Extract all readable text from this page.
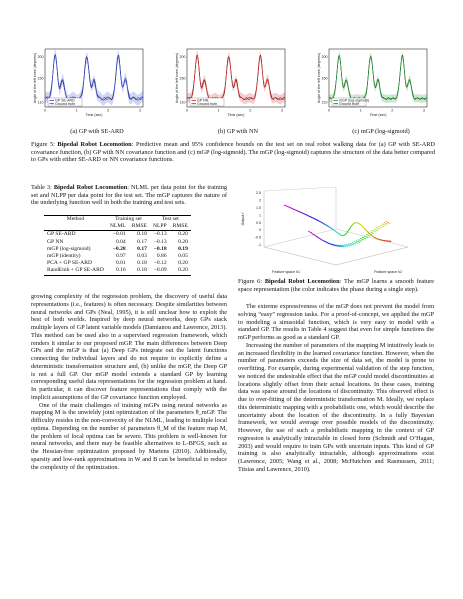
200
150
110
0	1	2	3
Time (sec)
Angle of the left knee (degrees)	GP SE-ARD
Ground truth
200
150
110
0	1	2	3
Time (sec)
Angle of the left knee (degrees)	GP NN
Ground truth
200
150
110
0	1	2	3
Time (sec)
Angle of the left knee (degrees)	mGP (log-sigmoid)
Ground truth
(a) GP with SE-ARD	(b) GP with NN	(c) mGP (log-sigmoid)
Figure 5: Bipedal Robot Locomotion: Predictive mean and 95% confidence bounds on the test set on real robot walking data for (a) GP with SE-ARD covariance function, (b) GP with NN covariance function and (c) mGP (log-sigmoid). The mGP (log-sigmoid) captures the structure of the data better compared to GPs with either SE-ARD or NN covariance functions.
Table 3: Bipedal Robot Locomotion: NLML per data point for the training set and NLPP per data point for the test set. The mGP captures the nature of the underlying function well in both the training and test sets.
Method	Training set		Test set	
	NLML	RMSE	NLPP	RMSE
GP SE-ARD	−0.01	0.18	−0.13	0.20
GP NN	0.04	0.17	−0.13	0.20
mGP (log-sigmoid)	−0.28	0.17	−0.18	0.19
mGP (identity)	0.97	0.03	0.86	0.05
PCA + GP SE-ARD	0.01	0.18	−0.12	0.20
RandEmb + GP SE-ARD	0.16	0.18	−0.09	0.20

growing complexity of the regression problem, the discovery of useful data representations (i.e., features) is often necessary. Despite similarities between neural networks and GPs (Neal, 1995), it is still unclear how to exploit the best of both worlds. Inspired by deep neural networks, deep GPs stack multiple layers of GP latent variable models (Damianou and Lawrence, 2013). This method can be used also in a supervised regression framework, which renders it similar to our proposed mGP. The main differences between Deep GPs and the mGP is that (a) Deep GPs integrate out the latent functions connecting the individual layers and do not require to explicitly define a deterministic transformation structure and, (b) unlike the mGP, the Deep GP is not a full GP. Our mGP model extends a standard GP by learning corresponding useful data representations for the regression problem at hand. In particular, it can discover feature representations that comply with the implicit assumptions of the GP covariance function employed.

One of the main challenges of training mGPs using neural networks as mapping M is the unwieldy joint optimization of the parameters θ_mGP. The difficulty resides in the non-convexity of the NLML, leading to multiple local optima. Depending on the number of parameters θ_M of the feature map M, the problem of local optima can be severe. This problem is well-known for neural networks, and there may be feasible alternatives to L-BFGS, such as the Hessian-free optimization proposed by Martens (2010). Additionally, sparsity and low-rank approximations in W and B can be beneficial to reduce the complexity of the optimization.

2.5
2
1.5
1
0.5
0
-0.5
-1
Output f
Feature space h1	Feature space h2
Figure 6: Bipedal Robot Locomotion: The mGP learns a smooth feature space representation (the color indicates the phase during a single step).

The extreme expressiveness of the mGP does not prevent the model from solving “easy” regression tasks. For a proof-of-concept, we applied the mGP to modeling a sinusoidal function, which is very easy to model with a standard GP. The results in Table 4 suggest that even for simple functions the mGP performs as good as a standard GP.

Increasing the number of parameters of the mapping M intuitively leads to an increased flexibility in the learned covariance function. However, when the number of parameters exceeds the size of data set, the model is prone to overfitting. For example, during experimental validation of the step function, we noticed the undesirable effect that the mGP could model discontinuities at locations slightly offset from their actual locations. In these cases, training data was sparse around the locations of discontinuity. This observed effect is due to over-fitting of the deterministic transformation M. Ideally, we replace this deterministic mapping with a probabilistic one, which would describe the uncertainty about the location of the discontinuity. In a fully Bayesian framework, we would average over possible models of the discontinuity. However, the use of such a probabilistic mapping in the context of GP regression is analytically intractable in closed form (Schmidt and O’Hagan, 2003) and would require to train GPs with uncertain inputs. This kind of GP training is also analytically intractable, although approximations exist (Lawrence, 2005; Wang et al., 2008; McHutchon and Rasmussen, 2011; Titsias and Lawrence, 2010).
